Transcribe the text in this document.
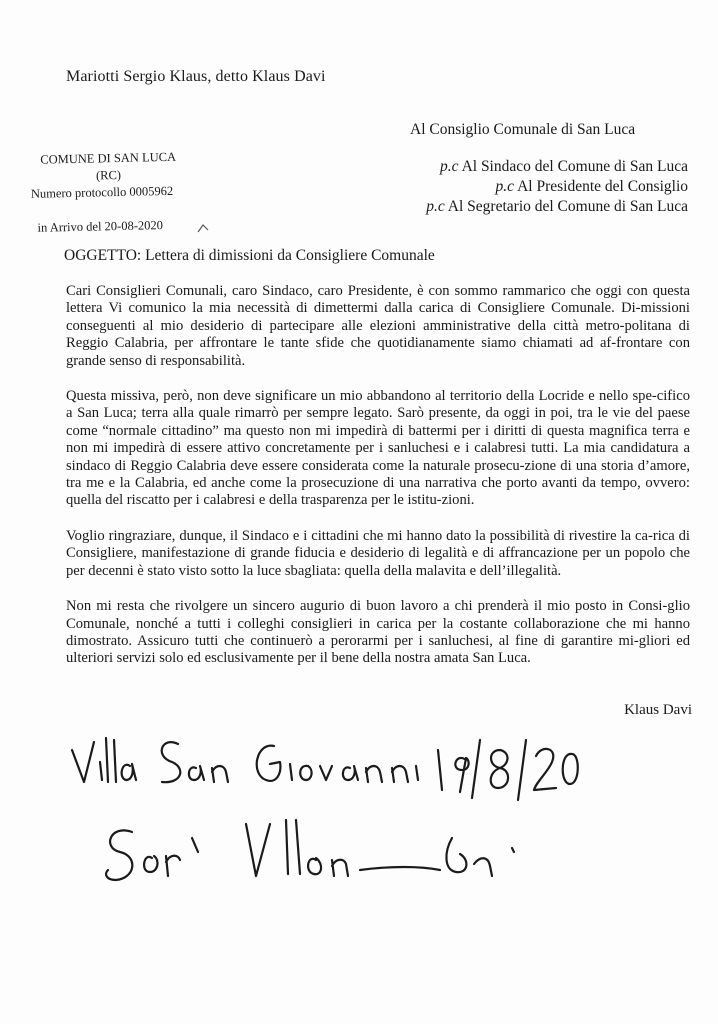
Mariotti Sergio Klaus, detto Klaus Davi
Al Consiglio Comunale di San Luca
p.c Al Sindaco del Comune di San Luca
p.c Al Presidente del Consiglio
p.c Al Segretario del Comune di San Luca
COMUNE DI SAN LUCA
(RC)
Numero protocollo 0005962
in Arrivo del 20-08-2020
OGGETTO: Lettera di dimissioni da Consigliere Comunale

Cari Consiglieri Comunali, caro Sindaco, caro Presidente, è con sommo rammarico che oggi con questa lettera Vi comunico la mia necessità di dimettermi dalla carica di Consigliere Comunale. Di-missioni conseguenti al mio desiderio di partecipare alle elezioni amministrative della città metro-politana di Reggio Calabria, per affrontare le tante sfide che quotidianamente siamo chiamati ad af-frontare con grande senso di responsabilità.

Questa missiva, però, non deve significare un mio abbandono al territorio della Locride e nello spe-cifico a San Luca; terra alla quale rimarrò per sempre legato. Sarò presente, da oggi in poi, tra le vie del paese come “normale cittadino” ma questo non mi impedirà di battermi per i diritti di questa magnifica terra e non mi impedirà di essere attivo concretamente per i sanluchesi e i calabresi tutti. La mia candidatura a sindaco di Reggio Calabria deve essere considerata come la naturale prosecu-zione di una storia d’amore, tra me e la Calabria, ed anche come la prosecuzione di una narrativa che porto avanti da tempo, ovvero: quella del riscatto per i calabresi e della trasparenza per le istitu-zioni.

Voglio ringraziare, dunque, il Sindaco e i cittadini che mi hanno dato la possibilità di rivestire la ca-rica di Consigliere, manifestazione di grande fiducia e desiderio di legalità e di affrancazione per un popolo che per decenni è stato visto sotto la luce sbagliata: quella della malavita e dell’illegalità.

Non mi resta che rivolgere un sincero augurio di buon lavoro a chi prenderà il mio posto in Consi-glio Comunale, nonché a tutti i colleghi consiglieri in carica per la costante collaborazione che mi hanno dimostrato. Assicuro tutti che continuerò a perorarmi per i sanluchesi, al fine di garantire mi-gliori ed ulteriori servizi solo ed esclusivamente per il bene della nostra amata San Luca.

Klaus Davi
